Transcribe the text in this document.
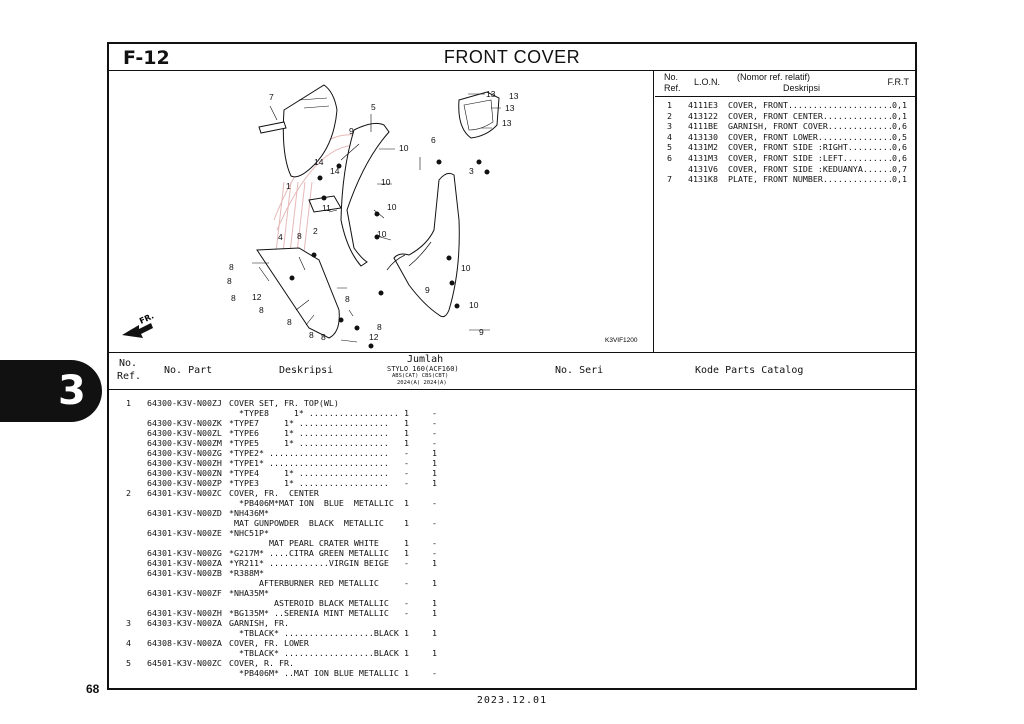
3
68
F-12	FRONT COVER
FR.
K3VIF1200
7
5
9
10
13 13
13
13
6
3
14
14
1	10
10
11
10
2
4 8
8
8
8
8
8
8 8
8
8
9
10
10
9
12
12
No.
Ref.
L.O.N. (Nomor ref. relatif)
Deskripsi
F.R.T
1 4111E3 COVER, FRONT..................... 0,1
2 413122 COVER, FRONT CENTER.............. 0,1
3 4111BE GARNISH, FRONT COVER............. 0,6
4 413130 COVER, FRONT LOWER............... 0,5
5 4131M2 COVER, FRONT SIDE :RIGHT......... 0,6
6 4131M3 COVER, FRONT SIDE :LEFT.......... 0,6
4131V6 COVER, FRONT SIDE :KEDUANYA...... 0,7
7 4131K8 PLATE, FRONT NUMBER.............. 0,1
No.
Ref.
No. Part	Deskripsi
Jumlah
STYLO 160(ACF160)
ABS(CAT) CBS(CBT)
2024(A) 2024(A)
No. Seri	Kode Parts Catalog
1 64300-K3V-N00ZJ COVER SET, FR. TOP(WL)
*TYPE8     1* .................. 1	-
64300-K3V-N00ZK *TYPE7     1* .................. 1	-
64300-K3V-N00ZL *TYPE6     1* .................. 1	-
64300-K3V-N00ZM *TYPE5     1* .................. 1	-
64300-K3V-N00ZG *TYPE2* ........................ -	1
64300-K3V-N00ZH *TYPE1* ........................ -	1
64300-K3V-N00ZN *TYPE4     1* .................. -	1
64300-K3V-N00ZP *TYPE3     1* .................. -	1
2 64301-K3V-N00ZC COVER, FR.  CENTER
*PB406M*MAT ION  BLUE  METALLIC 1	-
64301-K3V-N00ZD *NH436M*
MAT GUNPOWDER  BLACK  METALLIC 1	-
64301-K3V-N00ZE *NHC51P*
MAT PEARL CRATER WHITE	1	-
64301-K3V-N00ZG *G217M* ....CITRA GREEN METALLIC 1	-
64301-K3V-N00ZA *YR211* ............VIRGIN BEIGE -	1
64301-K3V-N00ZB *R388M*
AFTERBURNER RED METALLIC	-	1
64301-K3V-N00ZF *NHA35M*
ASTEROID BLACK METALLIC -	1
64301-K3V-N00ZH *BG135M* ..SERENIA MINT METALLIC -	1
3 64303-K3V-N00ZA GARNISH, FR.
*TBLACK* ..................BLACK 1	1
4 64308-K3V-N00ZA COVER, FR. LOWER
*TBLACK* ..................BLACK 1	1
5 64501-K3V-N00ZC COVER, R. FR.
*PB406M* ..MAT ION BLUE METALLIC 1	-
2023.12.01
